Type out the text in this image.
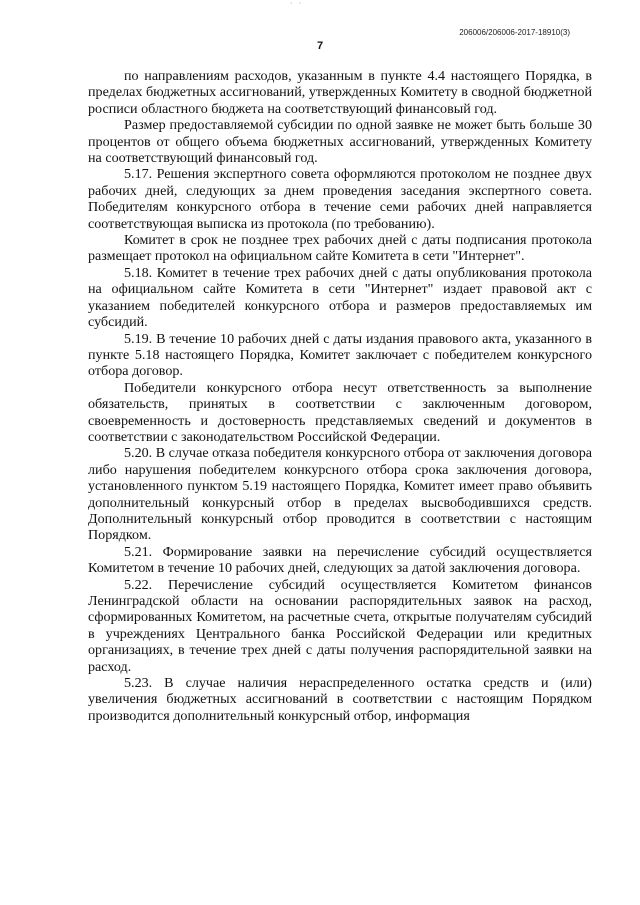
· ·
206006/206006-2017-18910(3)
7

по направлениям расходов, указанным в пункте 4.4 настоящего Порядка, в пределах бюджетных ассигнований, утвержденных Комитету в сводной бюджетной росписи областного бюджета на соответствующий финансовый год.

Размер предоставляемой субсидии по одной заявке не может быть больше 30 процентов от общего объема бюджетных ассигнований, утвержденных Комитету на соответствующий финансовый год.

5.17. Решения экспертного совета оформляются протоколом не позднее двух рабочих дней, следующих за днем проведения заседания экспертного совета. Победителям конкурсного отбора в течение семи рабочих дней направляется соответствующая выписка из протокола (по требованию).

Комитет в срок не позднее трех рабочих дней с даты подписания протокола размещает протокол на официальном сайте Комитета в сети "Интернет".

5.18. Комитет в течение трех рабочих дней с даты опубликования протокола на официальном сайте Комитета в сети "Интернет" издает правовой акт с указанием победителей конкурсного отбора и размеров предоставляемых им субсидий.

5.19. В течение 10 рабочих дней с даты издания правового акта, указанного в пункте 5.18 настоящего Порядка, Комитет заключает с победителем конкурсного отбора договор.

Победители конкурсного отбора несут ответственность за выполнение обязательств, принятых в соответствии с заключенным договором, своевременность и достоверность представляемых сведений и документов в соответствии с законодательством Российской Федерации.

5.20. В случае отказа победителя конкурсного отбора от заключения договора либо нарушения победителем конкурсного отбора срока заключения договора, установленного пунктом 5.19 настоящего Порядка, Комитет имеет право объявить дополнительный конкурсный отбор в пределах высвободившихся средств. Дополнительный конкурсный отбор проводится в соответствии с настоящим Порядком.

5.21. Формирование заявки на перечисление субсидий осуществляется Комитетом в течение 10 рабочих дней, следующих за датой заключения договора.

5.22. Перечисление субсидий осуществляется Комитетом финансов Ленинградской области на основании распорядительных заявок на расход, сформированных Комитетом, на расчетные счета, открытые получателям субсидий в учреждениях Центрального банка Российской Федерации или кредитных организациях, в течение трех дней с даты получения распорядительной заявки на расход.

5.23. В случае наличия нераспределенного остатка средств и (или) увеличения бюджетных ассигнований в соответствии с настоящим Порядком производится дополнительный конкурсный отбор, информация
